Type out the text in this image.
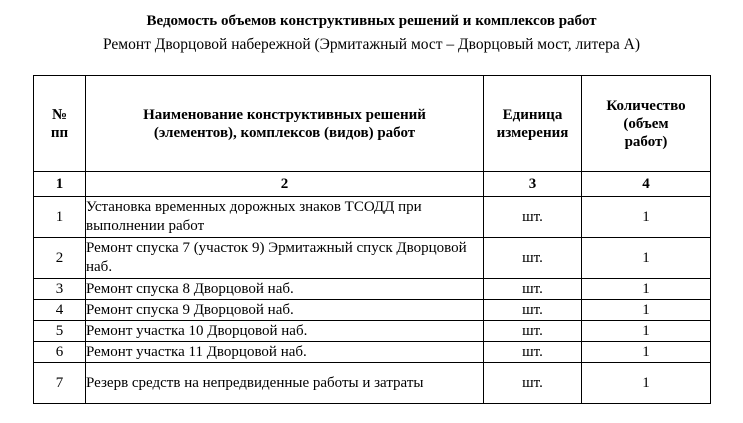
Ведомость объемов конструктивных решений и комплексов работ
Ремонт Дворцовой набережной (Эрмитажный мост – Дворцовый мост, литера А)
№ пп	Наименование конструктивных решений (элементов), комплексов (видов) работ	Единица измерения	Количество (объем работ)
1	2	3	4
1	Установка временных дорожных знаков ТСОДД при выполнении работ	шт.	1
2	Ремонт спуска 7 (участок 9) Эрмитажный спуск Дворцовой наб.	шт.	1
3	Ремонт спуска 8 Дворцовой наб.	шт.	1
4	Ремонт спуска 9 Дворцовой наб.	шт.	1
5	Ремонт участка 10 Дворцовой наб.	шт.	1
6	Ремонт участка 11 Дворцовой наб.	шт.	1
7	Резерв средств на непредвиденные работы и затраты	шт.	1
